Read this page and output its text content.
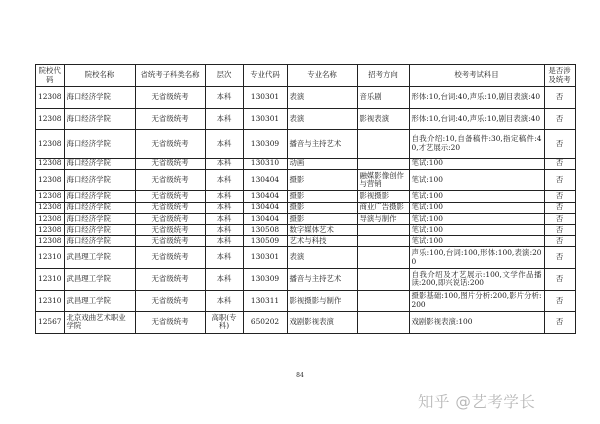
院校代码	院校名称	省统考子科类名称	层次	专业代码	专业名称	招考方向	校考考试科目	是否涉及统考
12308	海口经济学院	无省级统考	本科	130301	表演	音乐剧	形体:10,台词:40,声乐:10,剧目表演:40	否
12308	海口经济学院	无省级统考	本科	130301	表演	影视表演	形体:10,台词:40,声乐:10,剧目表演:40	否
12308	海口经济学院	无省级统考	本科	130309	播音与主持艺术		自我介绍:10,自备稿件:30,指定稿件:40,才艺展示:20	否
12308	海口经济学院	无省级统考	本科	130310	动画		笔试:100	否
12308	海口经济学院	无省级统考	本科	130404	摄影	融媒影像创作与营销	笔试:100	否
12308	海口经济学院	无省级统考	本科	130404	摄影	影视摄影	笔试:100	否
12308	海口经济学院	无省级统考	本科	130404	摄影	商业广告摄影	笔试:100	否
12308	海口经济学院	无省级统考	本科	130404	摄影	导演与制作	笔试:100	否
12308	海口经济学院	无省级统考	本科	130508	数字媒体艺术		笔试:100	否
12308	海口经济学院	无省级统考	本科	130509	艺术与科技		笔试:100	否
12310	武昌理工学院	无省级统考	本科	130301	表演		声乐:100,台词:100,形体:100,表演:200	否
12310	武昌理工学院	无省级统考	本科	130309	播音与主持艺术		自我介绍及才艺展示:100,文学作品播读:200,即兴说话:200	否
12310	武昌理工学院	无省级统考	本科	130311	影视摄影与制作		摄影基础:100,图片分析:200,影片分析:200	否
12567	北京戏曲艺术职业学院	无省级统考	高职(专科)	650202	戏剧影视表演		戏剧影视表演:100	否
84
知乎 @艺考学长
